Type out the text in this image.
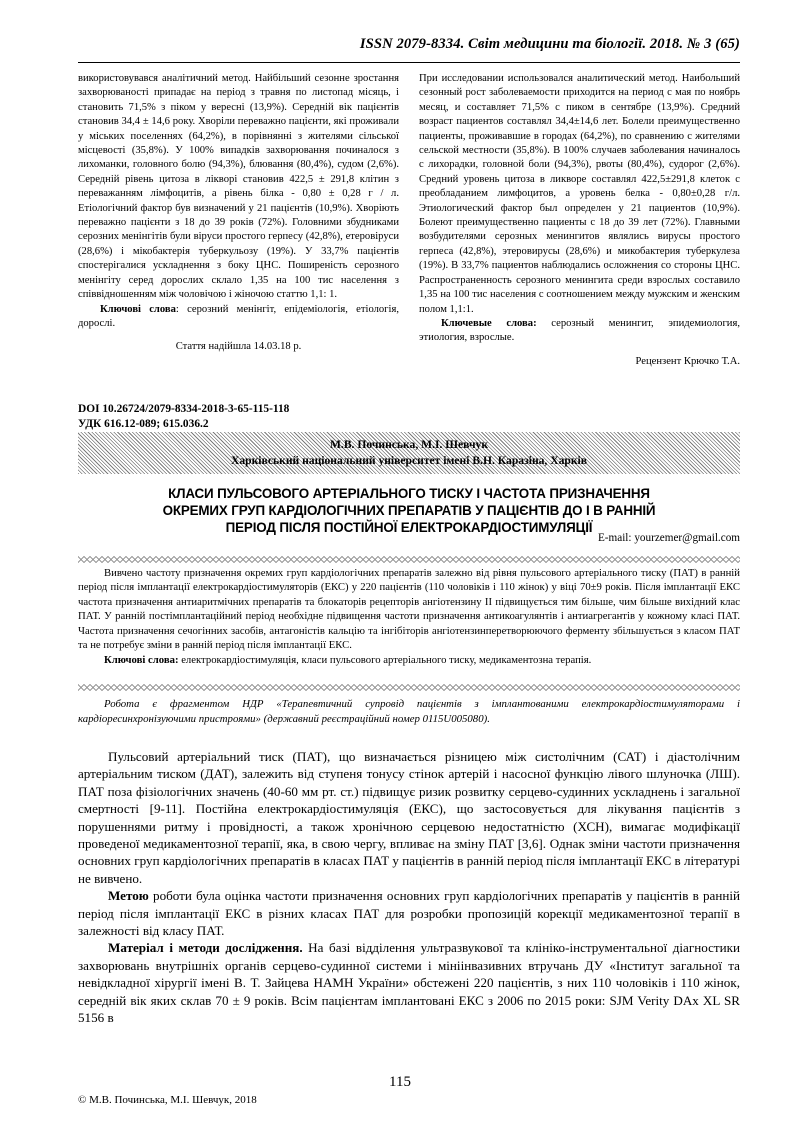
ISSN 2079-8334. Світ медицини та біології. 2018. № 3 (65)

використовувався аналітичний метод. Найбільший сезонне зростання захворюваності припадає на період з травня по листопад місяць, і становить 71,5% з піком у вересні (13,9%). Середній вік пацієнтів становив 34,4 ± 14,6 року. Хворіли переважно пацієнти, які проживали у міських поселеннях (64,2%), в порівнянні з жителями сільської місцевості (35,8%). У 100% випадків захворювання починалося з лихоманки, головного болю (94,3%), блювання (80,4%), судом (2,6%). Середній рівень цитоза в лікворі становив 422,5 ± 291,8 клітин з переважанням лімфоцитів, а рівень білка - 0,80 ± 0,28 г / л. Етіологічний фактор був визначений у 21 пацієнтів (10,9%). Хворіють переважно пацієнти з 18 до 39 років (72%). Головними збудниками серозних менінгітів були віруси простого герпесу (42,8%), етеровіруси (28,6%) і мікобактерія туберкульозу (19%). У 33,7% пацієнтів спостерігалися ускладнення з боку ЦНС. Поширеність серозного менінгіту серед дорослих склало 1,35 на 100 тис населення з співвідношенням між чоловічою і жіночою статтю 1,1: 1.

Ключові слова: серозний менінгіт, епідеміологія, етіологія, дорослі.

Стаття надійшла 14.03.18 р.

При исследовании использовался аналитический метод. Наибольший сезонный рост заболеваемости приходится на период с мая по ноябрь месяц, и составляет 71,5% с пиком в сентябре (13,9%). Средний возраст пациентов составлял 34,4±14,6 лет. Болели преимущественно пациенты, проживавшие в городах (64,2%), по сравнению с жителями сельской местности (35,8%). В 100% случаев заболевания начиналось с лихорадки, головной боли (94,3%), рвоты (80,4%), судорог (2,6%). Средний уровень цитоза в ликворе составлял 422,5±291,8 клеток с преобладанием лимфоцитов, а уровень белка - 0,80±0,28 г/л. Этиологический фактор был определен у 21 пациентов (10,9%). Болеют преимущественно пациенты с 18 до 39 лет (72%). Главными возбудителями серозных менингитов являлись вирусы простого герпеса (42,8%), этеровирусы (28,6%) и микобактерия туберкулеза (19%). В 33,7% пациентов наблюдались осложнения со стороны ЦНС. Распространенность серозного менингита среди взрослых составило 1,35 на 100 тис населения с соотношением между мужским и женским полом 1,1:1.

Ключевые слова: серозный менингит, эпидемиология, этиология, взрослые.

Рецензент Крючко Т.А.

DOI 10.26724/2079-8334-2018-3-65-115-118
УДК 616.12-089; 615.036.2
М.В. Починська, М.І. Шевчук
Харківський національний університет імені В.Н. Каразіна, Харків
КЛАСИ ПУЛЬСОВОГО АРТЕРІАЛЬНОГО ТИСКУ І ЧАСТОТА ПРИЗНАЧЕННЯ
ОКРЕМИХ ГРУП КАРДІОЛОГІЧНИХ ПРЕПАРАТІВ У ПАЦІЄНТІВ ДО І В РАННІЙ
ПЕРІОД ПІСЛЯ ПОСТІЙНОЇ ЕЛЕКТРОКАРДІОСТИМУЛЯЦІЇ
E-mail: yourzemer@gmail.com

Вивчено частоту призначення окремих груп кардіологічних препаратів залежно від рівня пульсового артеріального тиску (ПАТ) в ранній період після імплантації електрокардіостимуляторів (ЕКС) у 220 пацієнтів (110 чоловіків і 110 жінок) у віці 70±9 років. Після імплантації ЕКС частота призначення антиаритмічних препаратів та блокаторів рецепторів ангіотензину II підвищується тим більше, чим більше вихідний клас ПАТ. У ранній постімплантаційний період необхідне підвищення частоти призначення антикоагулянтів і антиагрегантів у кожному класі ПАТ. Частота призначення сечогінних засобів, антагоністів кальцію та інгібіторів ангіотензинперетворюючого ферменту збільшується з класом ПАТ та не потребує зміни в ранній період після імплантації ЕКС.

Ключові слова: електрокардіостимуляція, класи пульсового артеріального тиску, медикаментозна терапія.

Робота є фрагментом НДР «Терапевтичний супровід пацієнтів з імплантованими електрокардіостимуляторами і кардіоресинхронізуючими пристроями» (державний реєстраційний номер 0115U005080).

Пульсовий артеріальний тиск (ПАТ), що визначається різницею між систолічним (САТ) і діастолічним артеріальним тиском (ДАТ), залежить від ступеня тонусу стінок артерій і насосної функцію лівого шлуночка (ЛШ). ПАТ поза фізіологічних значень (40-60 мм рт. ст.) підвищує ризик розвитку серцево-судинних ускладнень і загальної смертності [9-11]. Постійна електрокардіостимуляція (ЕКС), що застосовується для лікування пацієнтів з порушеннями ритму і провідності, а також хронічною серцевою недостатністю (ХСН), вимагає модифікації проведеної медикаментозної терапії, яка, в свою чергу, впливає на зміну ПАТ [3,6]. Однак зміни частоти призначення основних груп кардіологічних препаратів в класах ПАТ у пацієнтів в ранній період після імплантації ЕКС в літературі не вивчено.

Метою роботи була оцінка частоти призначення основних груп кардіологічних препаратів у пацієнтів в ранній період після імплантації ЕКС в різних класах ПАТ для розробки пропозицій корекції медикаментозної терапії в залежності від класу ПАТ.

Матеріал і методи дослідження. На базі відділення ультразвукової та клініко-інструментальної діагностики захворювань внутрішніх органів серцево-судинної системи і мініінвазивних втручань ДУ «Інститут загальної та невідкладної хірургії імені В. Т. Зайцева НАМН України» обстежені 220 пацієнтів, з них 110 чоловіків і 110 жінок, середній вік яких склав 70 ± 9 років. Всім пацієнтам імплантовані ЕКС з 2006 по 2015 роки: SJM Verity DAx XL SR 5156 в

© М.В. Починська, М.І. Шевчук, 2018
115
